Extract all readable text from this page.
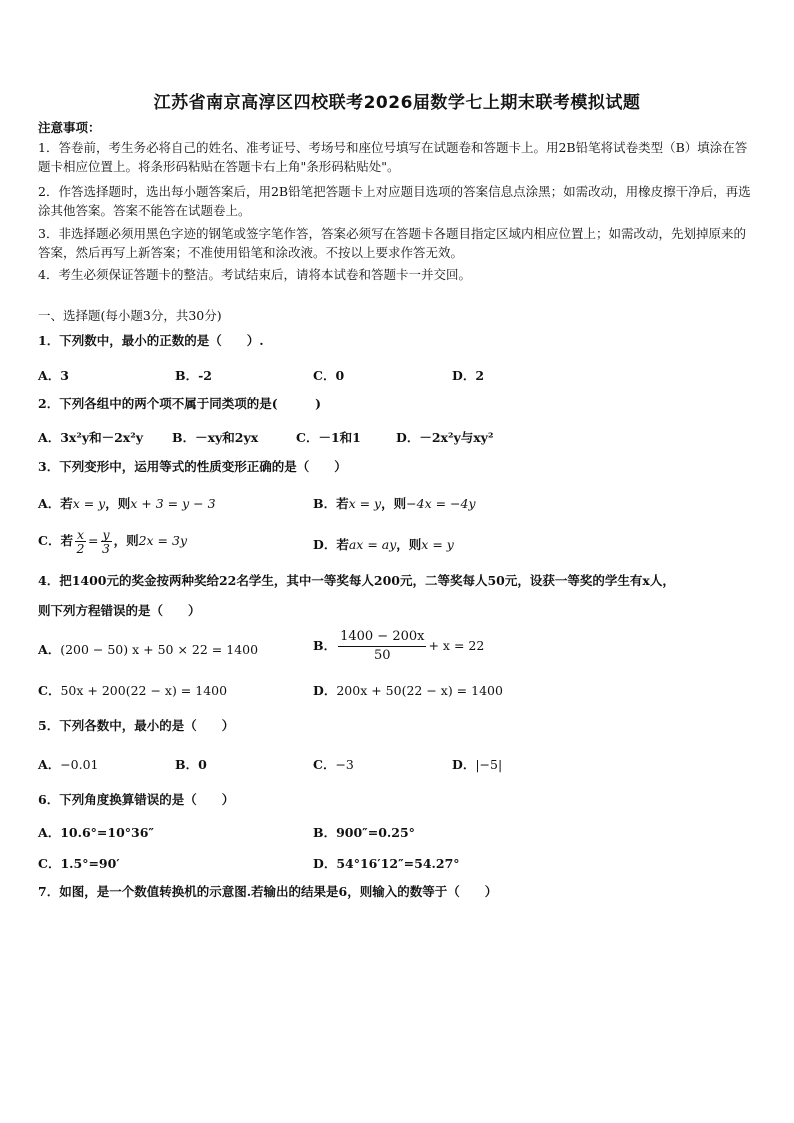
江苏省南京高淳区四校联考2026届数学七上期末联考模拟试题
注意事项：
1．答卷前，考生务必将自己的姓名、准考证号、考场号和座位号填写在试题卷和答题卡上。用2B铅笔将试卷类型（B）填涂在答题卡相应位置上。将条形码粘贴在答题卡右上角"条形码粘贴处"。
2．作答选择题时，选出每小题答案后，用2B铅笔把答题卡上对应题目选项的答案信息点涂黑；如需改动，用橡皮擦干净后，再选涂其他答案。答案不能答在试题卷上。
3．非选择题必须用黑色字迹的钢笔或签字笔作答，答案必须写在答题卡各题目指定区域内相应位置上；如需改动，先划掉原来的答案，然后再写上新答案；不准使用铅笔和涂改液。不按以上要求作答无效。
4．考生必须保证答题卡的整洁。考试结束后，请将本试卷和答题卡一并交回。
一、选择题(每小题3分，共30分)
1．下列数中，最小的正数的是（　　）.
A．3	B．-2	C．0	D．2
2．下列各组中的两个项不属于同类项的是(　　　)
A．3x²y和－2x²y B．－xy和2yx	C．－1和1	D．－2x²y与xy²
3．下列变形中，运用等式的性质变形正确的是（　　）
A．若x = y，则x + 3 = y − 3	B．若x = y，则−4x = −4y
C．若 $\frac{x}{2} = \frac{y}{3}$ ，则2x = 3y	D．若ax = ay，则x = y
4．把1400元的奖金按两种奖给22名学生，其中一等奖每人200元，二等奖每人50元，设获一等奖的学生有x人，
则下列方程错误的是（　　）
A．(200 − 50) x + 50 × 22 = 1400	B． $\frac{1400 - 200x}{50} + x = 22$
C．50x + 200(22 − x) = 1400	D．200x + 50(22 − x) = 1400
5．下列各数中，最小的是（　　）
A．−0.01	B．0	C．−3	D．|−5|
6．下列角度换算错误的是（　　）
A．10.6°=10°36″	B．900″=0.25°
C．1.5°=90′	D．54°16′12″=54.27°
7．如图，是一个数值转换机的示意图.若输出的结果是6，则输入的数等于（　　）
